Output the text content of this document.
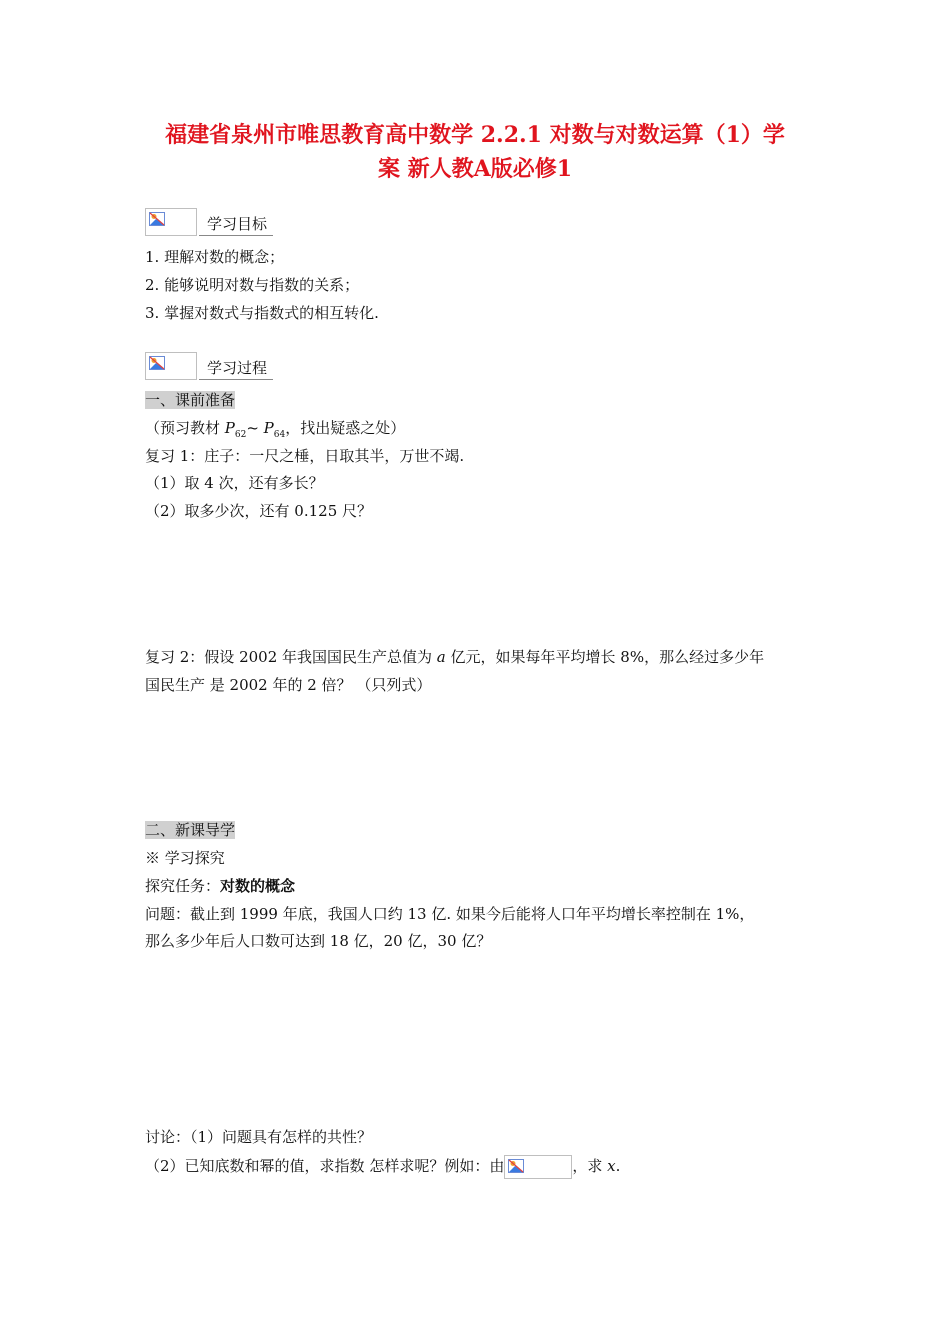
福建省泉州市唯思教育高中数学 2.2.1 对数与对数运算（1）学
案 新人教A版必修1
学习目标
1. 理解对数的概念；
2. 能够说明对数与指数的关系；
3. 掌握对数式与指数式的相互转化.
学习过程
一、课前准备
（预习教材 $P_{62}\sim$ $P_{64}$，找出疑惑之处）
复习 1：庄子：一尺之棰，日取其半，万世不竭.
（1）取 4 次，还有多长？
（2）取多少次，还有 0.125 尺？
复习 2：假设 2002 年我国国民生产总值为 a 亿元，如果每年平均增长 8%，那么经过多少年
国民生产 是 2002 年的 2 倍？ （只列式）
二、新课导学
※ 学习探究
探究任务：对数的概念
问题：截止到 1999 年底，我国人口约 13 亿. 如果今后能将人口年平均增长率控制在 1%，
那么多少年后人口数可达到 18 亿，20 亿，30 亿？
讨论：（1）问题具有怎样的共性？
（2）已知底数和幂的值，求指数 怎样求呢？例如：由	，求 x.
